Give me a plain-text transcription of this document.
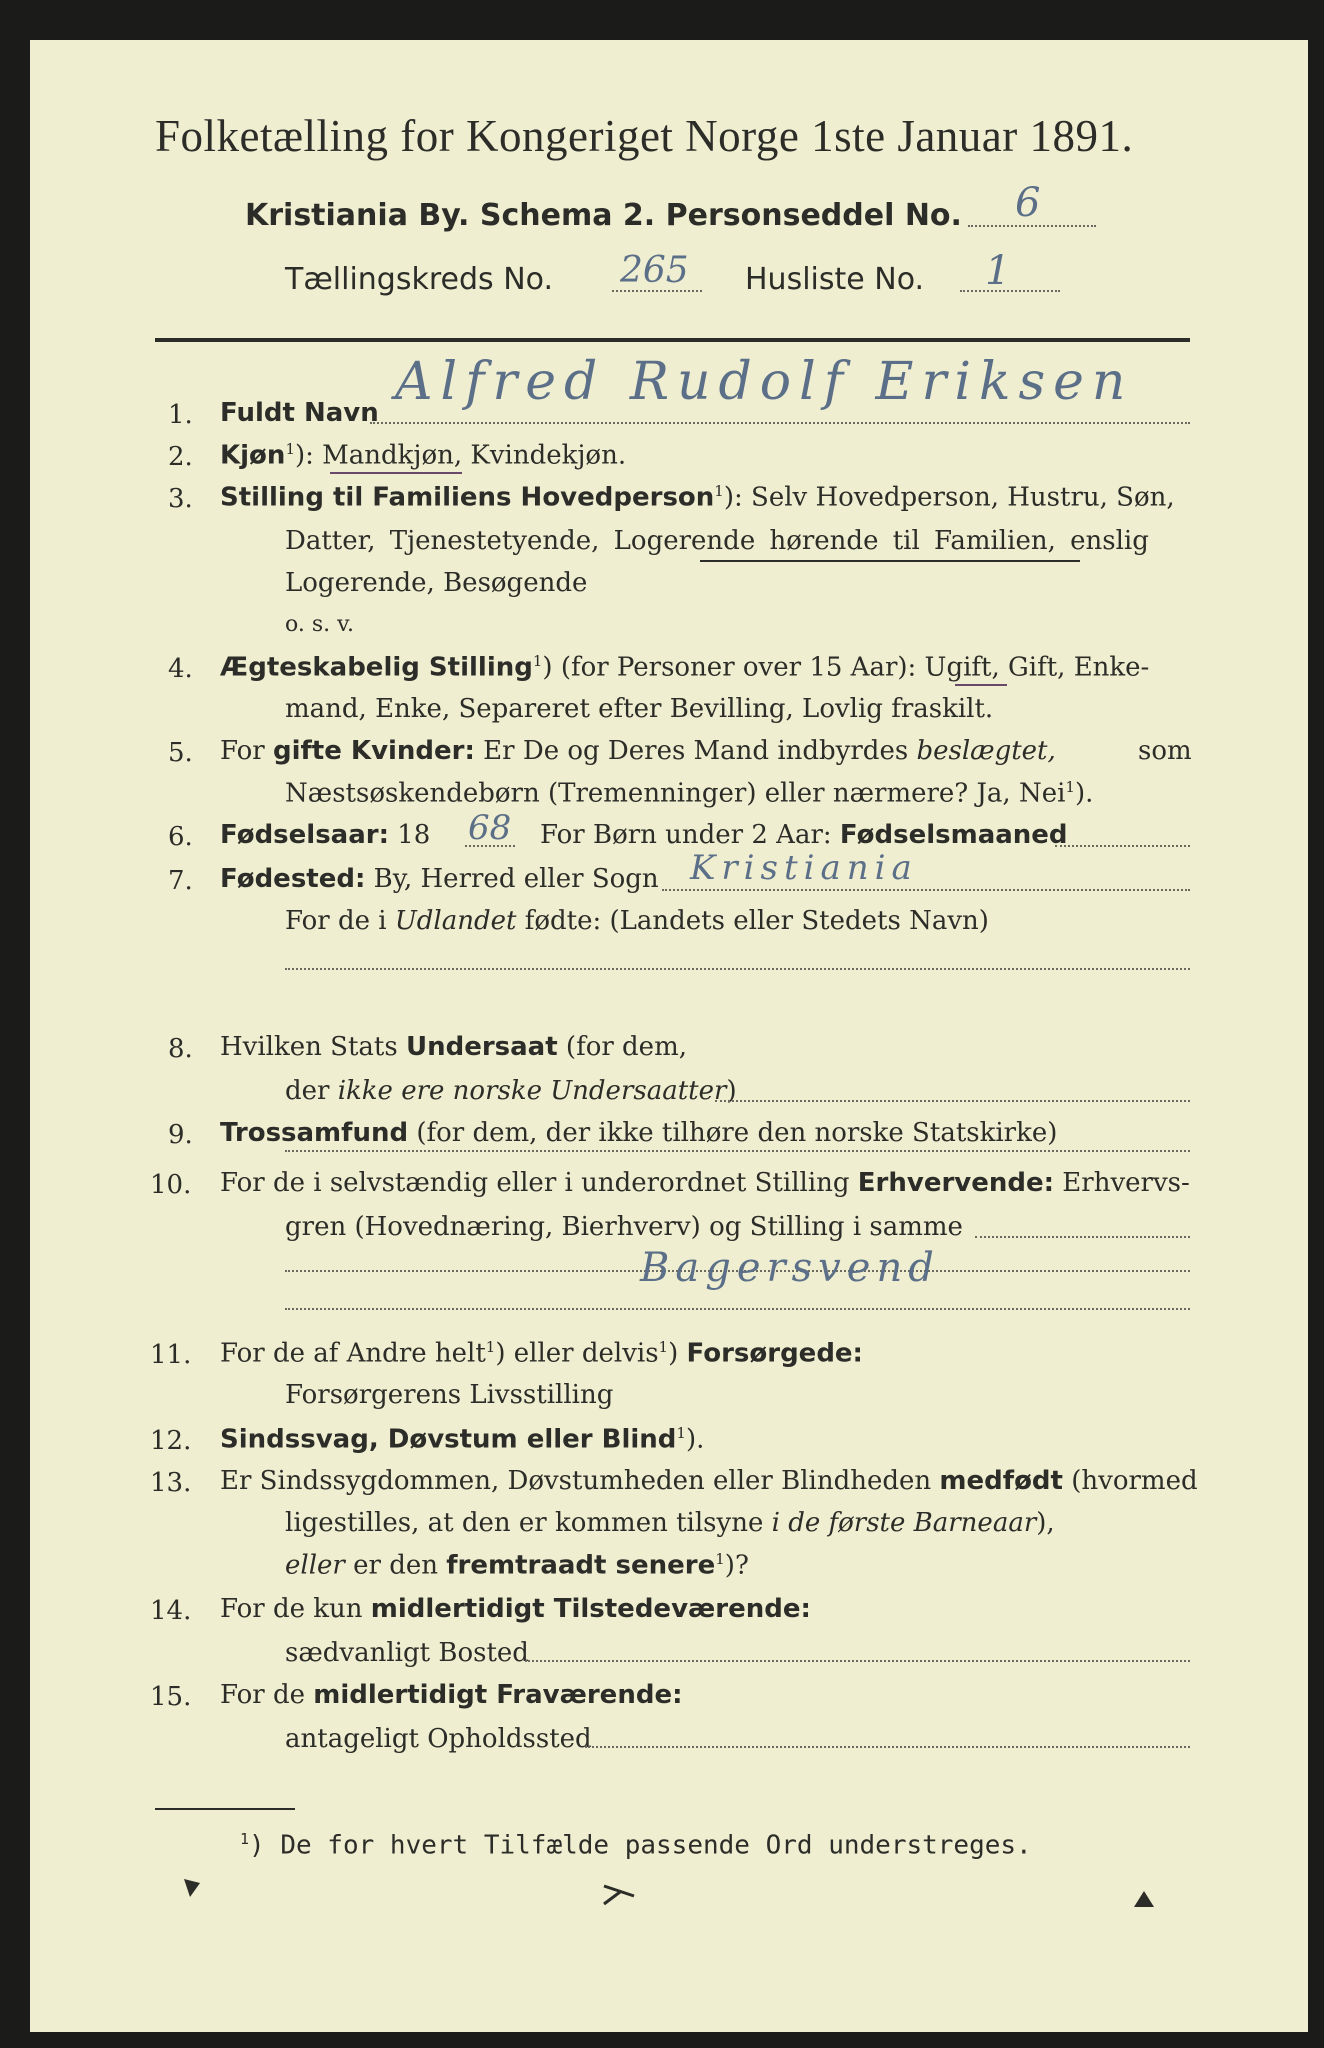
Folketælling for Kongeriget Norge 1ste Januar 1891.
Kristiania By. Schema 2. Personseddel No. 6
Tællingskreds No. 265 Husliste No. 1
1. Fuldt Navn
Alfred Rudolf Eriksen
2. Kjøn$^1$): Mandkjøn, Kvindekjøn.
3. Stilling til Familiens Hovedperson$^1$): Selv Hovedperson, Hustru, Søn,
Datter, Tjenestetyende, Logerende hørende til Familien, enslig
Logerende, Besøgende
o. s. v.
4. Ægteskabelig Stilling$^1$) (for Personer over 15 Aar): Ugift, Gift, Enke-
mand, Enke, Separeret efter Bevilling, Lovlig fraskilt.
5. For gifte Kvinder: Er De og Deres Mand indbyrdes beslægtet,	som
Næstsøskendebørn (Tremenninger) eller nærmere? Ja, Nei$^1$).
6. Fødselsaar: 18 68 For Børn under 2 Aar: Fødselsmaaned
7. Fødested: By, Herred eller Sogn Kristiania
For de i Udlandet fødte: (Landets eller Stedets Navn)
8. Hvilken Stats Undersaat (for dem,
der ikke ere norske Undersaatter)
9. Trossamfund (for dem, der ikke tilhøre den norske Statskirke)
10. For de i selvstændig eller i underordnet Stilling Erhvervende: Erhvervs-
gren (Hovednæring, Bierhverv) og Stilling i samme
Bagersvend
11. For de af Andre helt$^1$) eller delvis$^1$) Forsørgede:
Forsørgerens Livsstilling
12. Sindssvag, Døvstum eller Blind$^1$).
13. Er Sindssygdommen, Døvstumheden eller Blindheden medfødt (hvormed
ligestilles, at den er kommen tilsyne i de første Barneaar),
eller er den fremtraadt senere$^1$)?
14. For de kun midlertidigt Tilstedeværende:
sædvanligt Bosted
15. For de midlertidigt Fraværende:
antageligt Opholdssted
$^1$) De for hvert Tilfælde passende Ord understreges.
